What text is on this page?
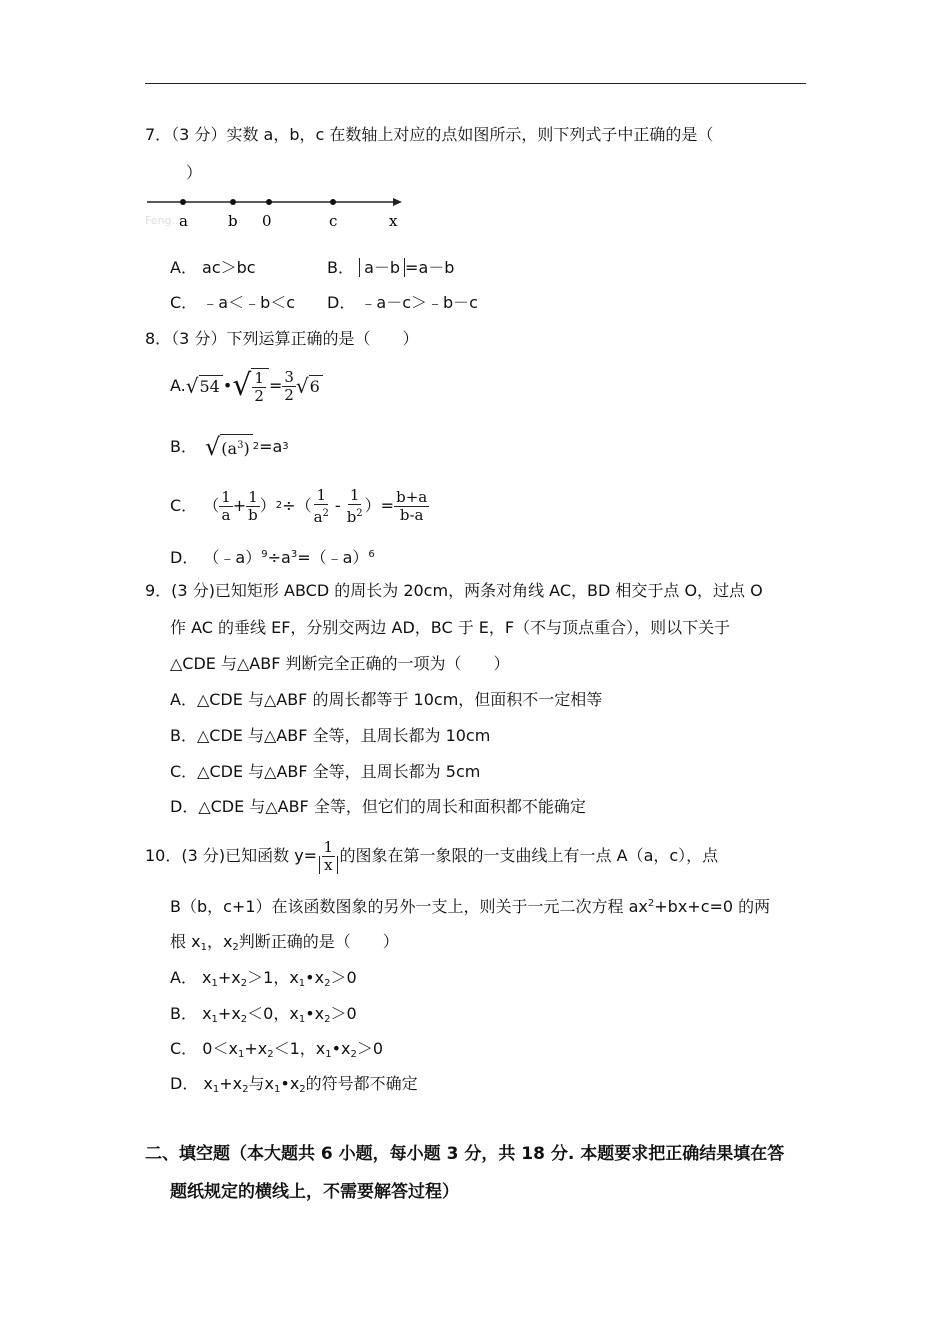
7．（3 分）实数 a，b，c 在数轴上对应的点如图所示，则下列式子中正确的是（
）
Feng...
a	b 0	c	x
A． ac＞bc	B． a－b =a－b
C． ﹣a＜﹣b＜c D． ﹣a－c＞﹣b－c
8．（3 分）下列运算正确的是（　　）
A. √ 54 • √ $\frac{1}{2} = \frac{3}{2}$ √ 6
B． √ $(a^3)$ 2 =a 3
C． （ $\frac{1}{a} + \frac{1}{b}$ ） 2 ÷（ $\frac{1}{a^2} - \frac{1}{b^2}$ ）= $\frac{b+a}{b-a}$
D． $(﹣a)^9\div a^3=(﹣a)^6$
9．(3 分)已知矩形 ABCD 的周长为 20cm，两条对角线 AC，BD 相交于点 O，过点 O
作 AC 的垂线 EF，分别交两边 AD，BC 于 E，F（不与顶点重合），则以下关于
△CDE 与△ABF 判断完全正确的一项为（　　）
A．△CDE 与△ABF 的周长都等于 10cm，但面积不一定相等
B．△CDE 与△ABF 全等，且周长都为 10cm
C．△CDE 与△ABF 全等，且周长都为 5cm
D．△CDE 与△ABF 全等，但它们的周长和面积都不能确定
10．(3 分)已知函数 $y= \frac{1}{x}$ 的图象在第一象限的一支曲线上有一点 A（a，c），点
B（b，c+1）在该函数图象的另外一支上，则关于一元二次方程 $ax^2+bx+c=0$ 的两
根 $x_1$，$x_2$判断正确的是（　　）
A． $x_1+x_2>1$，$x_1•x_2>0$
B． $x_1+x_2<0$，$x_1•x_2>0$
C． $0<x_1+x_2<1$，$x_1•x_2>0$
D． $x_1+x_2$与$x_1•x_2$的符号都不确定
二、填空题（本大题共 6 小题，每小题 3 分，共 18 分. 本题要求把正确结果填在答
题纸规定的横线上，不需要解答过程）
